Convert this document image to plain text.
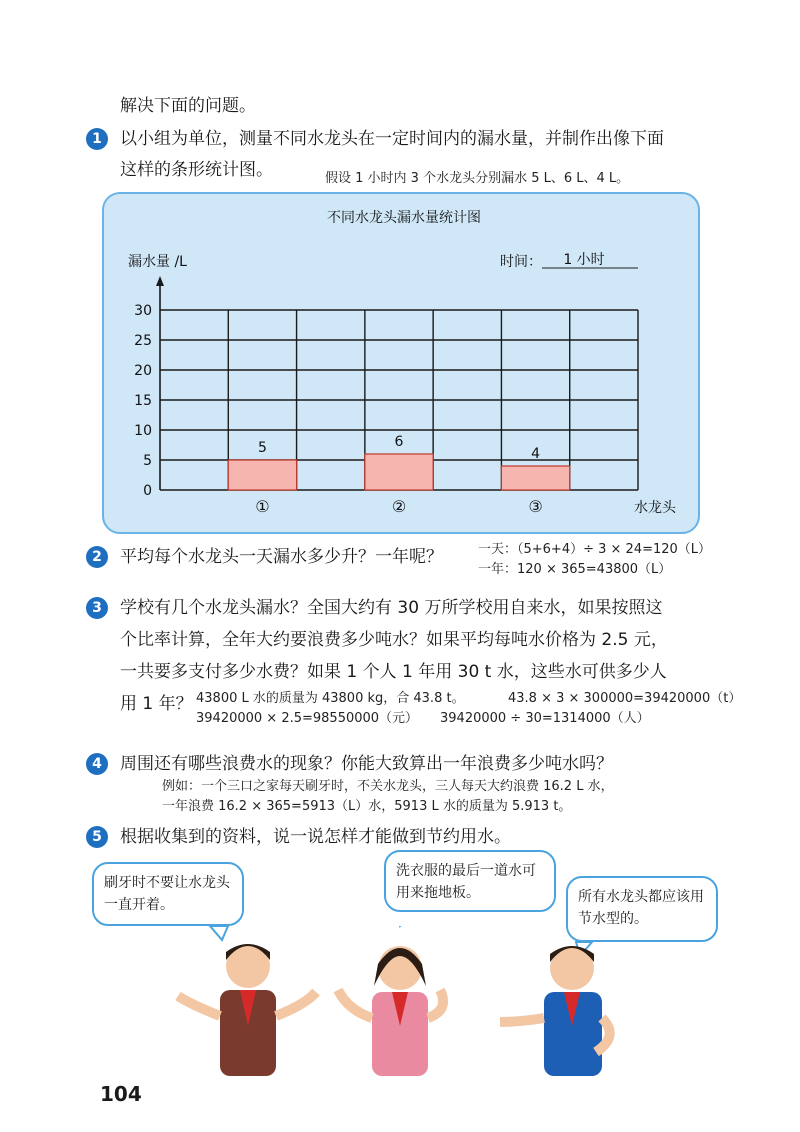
解决下面的问题。
1	以小组为单位，测量不同水龙头在一定时间内的漏水量，并制作出像下面
这样的条形统计图。	假设 1 小时内 3 个水龙头分别漏水 5 L、6 L、4 L。
不同水龙头漏水量统计图
漏水量 /L	时间： 1 小时
0
5
10
15
20
25
30
5
①
6
②
4
③	水龙头
2	平均每个水龙头一天漏水多少升？一年呢？	一天：（5+6+4）÷ 3 × 24=120（L）
一年：120 × 365=43800（L）
3	学校有几个水龙头漏水？全国大约有 30 万所学校用自来水，如果按照这
个比率计算，全年大约要浪费多少吨水？如果平均每吨水价格为 2.5 元，
一共要多支付多少水费？如果 1 个人 1 年用 30 t 水，这些水可供多少人
用 1 年？ 43800 L 水的质量为 43800 kg，合 43.8 t。	43.8 × 3 × 300000=39420000（t）
39420000 × 2.5=98550000（元） 39420000 ÷ 30=1314000（人）
4	周围还有哪些浪费水的现象？你能大致算出一年浪费多少吨水吗？
例如：一个三口之家每天刷牙时，不关水龙头，三人每天大约浪费 16.2 L 水，
一年浪费 16.2 × 365=5913（L）水，5913 L 水的质量为 5.913 t。
5	根据收集到的资料，说一说怎样才能做到节约用水。
刷牙时不要让水龙头一直开着。
洗衣服的最后一道水可用来拖地板。	所有水龙头都应该用节水型的。
104
